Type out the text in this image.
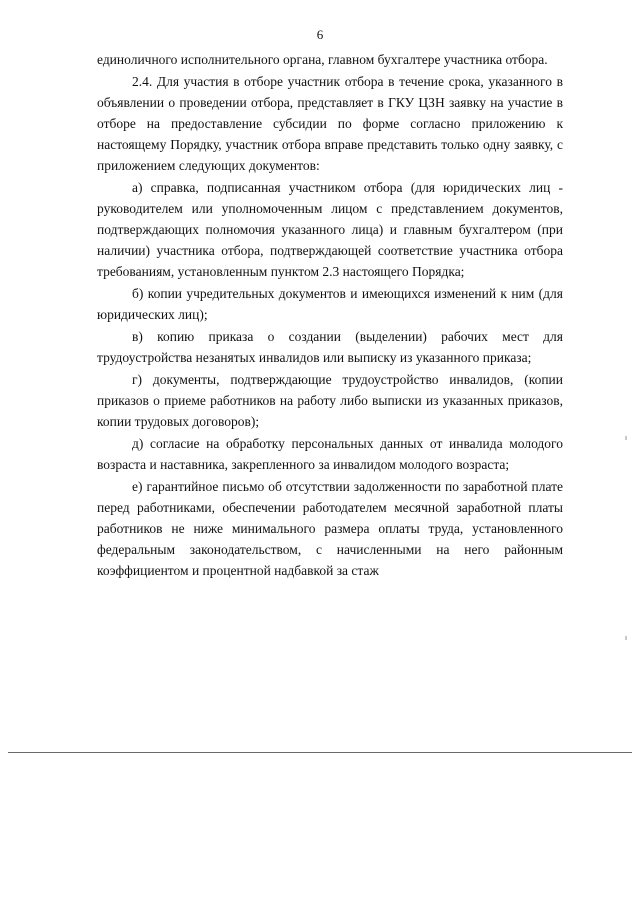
6

единоличного исполнительного органа, главном бухгалтере участника отбора.

2.4. Для участия в отборе участник отбора в течение срока, указанного в объявлении о проведении отбора, представляет в ГКУ ЦЗН заявку на участие в отборе на предоставление субсидии по форме согласно приложению к настоящему Порядку, участник отбора вправе представить только одну заявку, с приложением следующих документов:

а) справка, подписанная участником отбора (для юридических лиц - руководителем или уполномоченным лицом с представлением документов, подтверждающих полномочия указанного лица) и главным бухгалтером (при наличии) участника отбора, подтверждающей соответствие участника отбора требованиям, установленным пунктом 2.3 настоящего Порядка;

б) копии учредительных документов и имеющихся изменений к ним (для юридических лиц);

в) копию приказа о создании (выделении) рабочих мест для трудоустройства незанятых инвалидов или выписку из указанного приказа;

г) документы, подтверждающие трудоустройство инвалидов, (копии приказов о приеме работников на работу либо выписки из указанных приказов, копии трудовых договоров);

д) согласие на обработку персональных данных от инвалида молодого возраста и наставника, закрепленного за инвалидом молодого возраста;

е) гарантийное письмо об отсутствии задолженности по заработной плате перед работниками, обеспечении работодателем месячной заработной платы работников не ниже минимального размера оплаты труда, установленного федеральным законодательством, с начисленными на него районным коэффициентом и процентной надбавкой за стаж
